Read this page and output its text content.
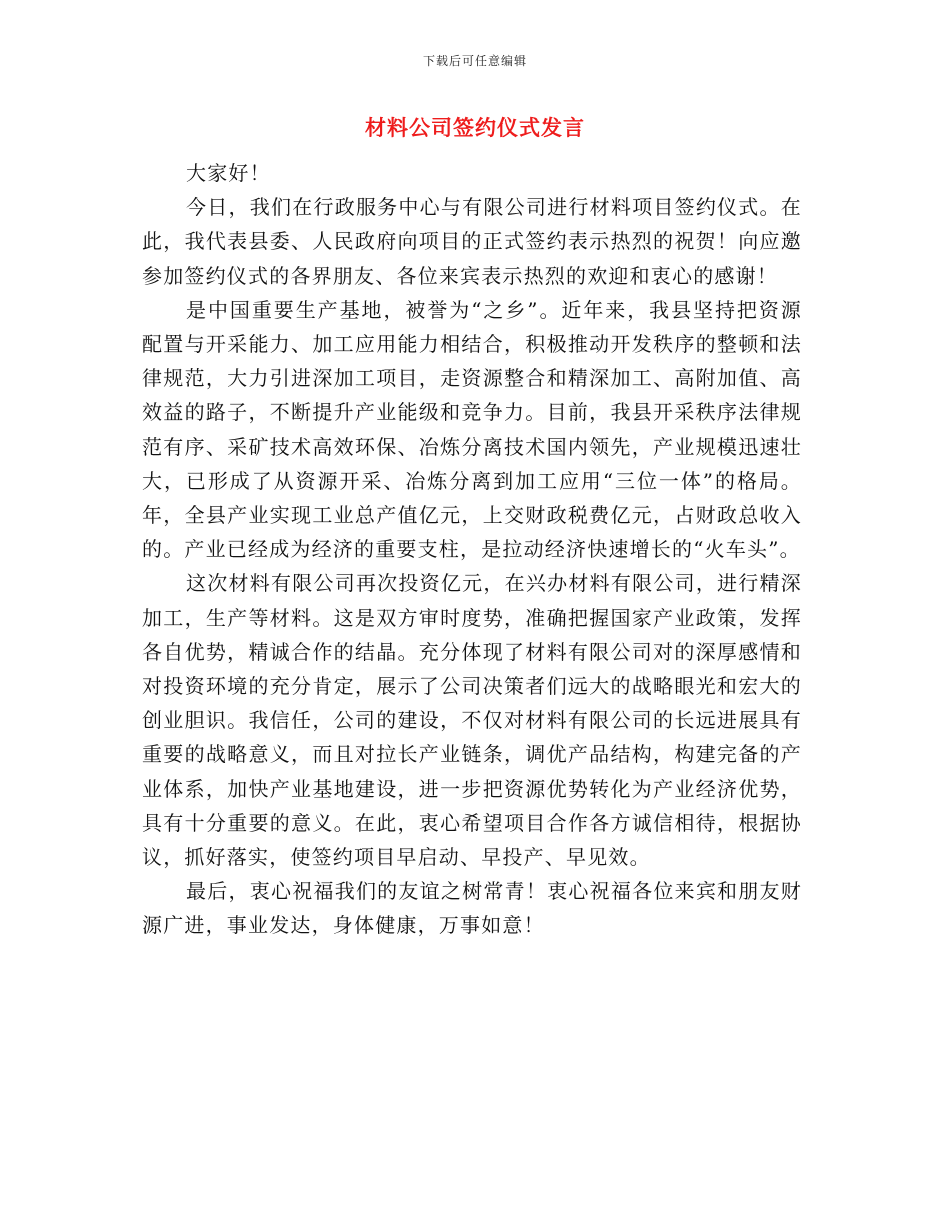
下载后可任意编辑
材料公司签约仪式发言

大家好！

今日，我们在行政服务中心与有限公司进行材料项目签约仪式。在此，我代表县委、人民政府向项目的正式签约表示热烈的祝贺！向应邀参加签约仪式的各界朋友、各位来宾表示热烈的欢迎和衷心的感谢！

是中国重要生产基地，被誉为“之乡”。近年来，我县坚持把资源配置与开采能力、加工应用能力相结合，积极推动开发秩序的整顿和法律规范，大力引进深加工项目，走资源整合和精深加工、高附加值、高效益的路子，不断提升产业能级和竞争力。目前，我县开采秩序法律规范有序、采矿技术高效环保、冶炼分离技术国内领先，产业规模迅速壮大，已形成了从资源开采、冶炼分离到加工应用“三位一体”的格局。年，全县产业实现工业总产值亿元，上交财政税费亿元，占财政总收入的。产业已经成为经济的重要支柱，是拉动经济快速增长的“火车头”。

这次材料有限公司再次投资亿元，在兴办材料有限公司，进行精深加工，生产等材料。这是双方审时度势，准确把握国家产业政策，发挥各自优势，精诚合作的结晶。充分体现了材料有限公司对的深厚感情和对投资环境的充分肯定，展示了公司决策者们远大的战略眼光和宏大的创业胆识。我信任，公司的建设，不仅对材料有限公司的长远进展具有重要的战略意义，而且对拉长产业链条，调优产品结构，构建完备的产业体系，加快产业基地建设，进一步把资源优势转化为产业经济优势，具有十分重要的意义。在此，衷心希望项目合作各方诚信相待，根据协议，抓好落实，使签约项目早启动、早投产、早见效。

最后，衷心祝福我们的友谊之树常青！衷心祝福各位来宾和朋友财源广进，事业发达，身体健康，万事如意！
